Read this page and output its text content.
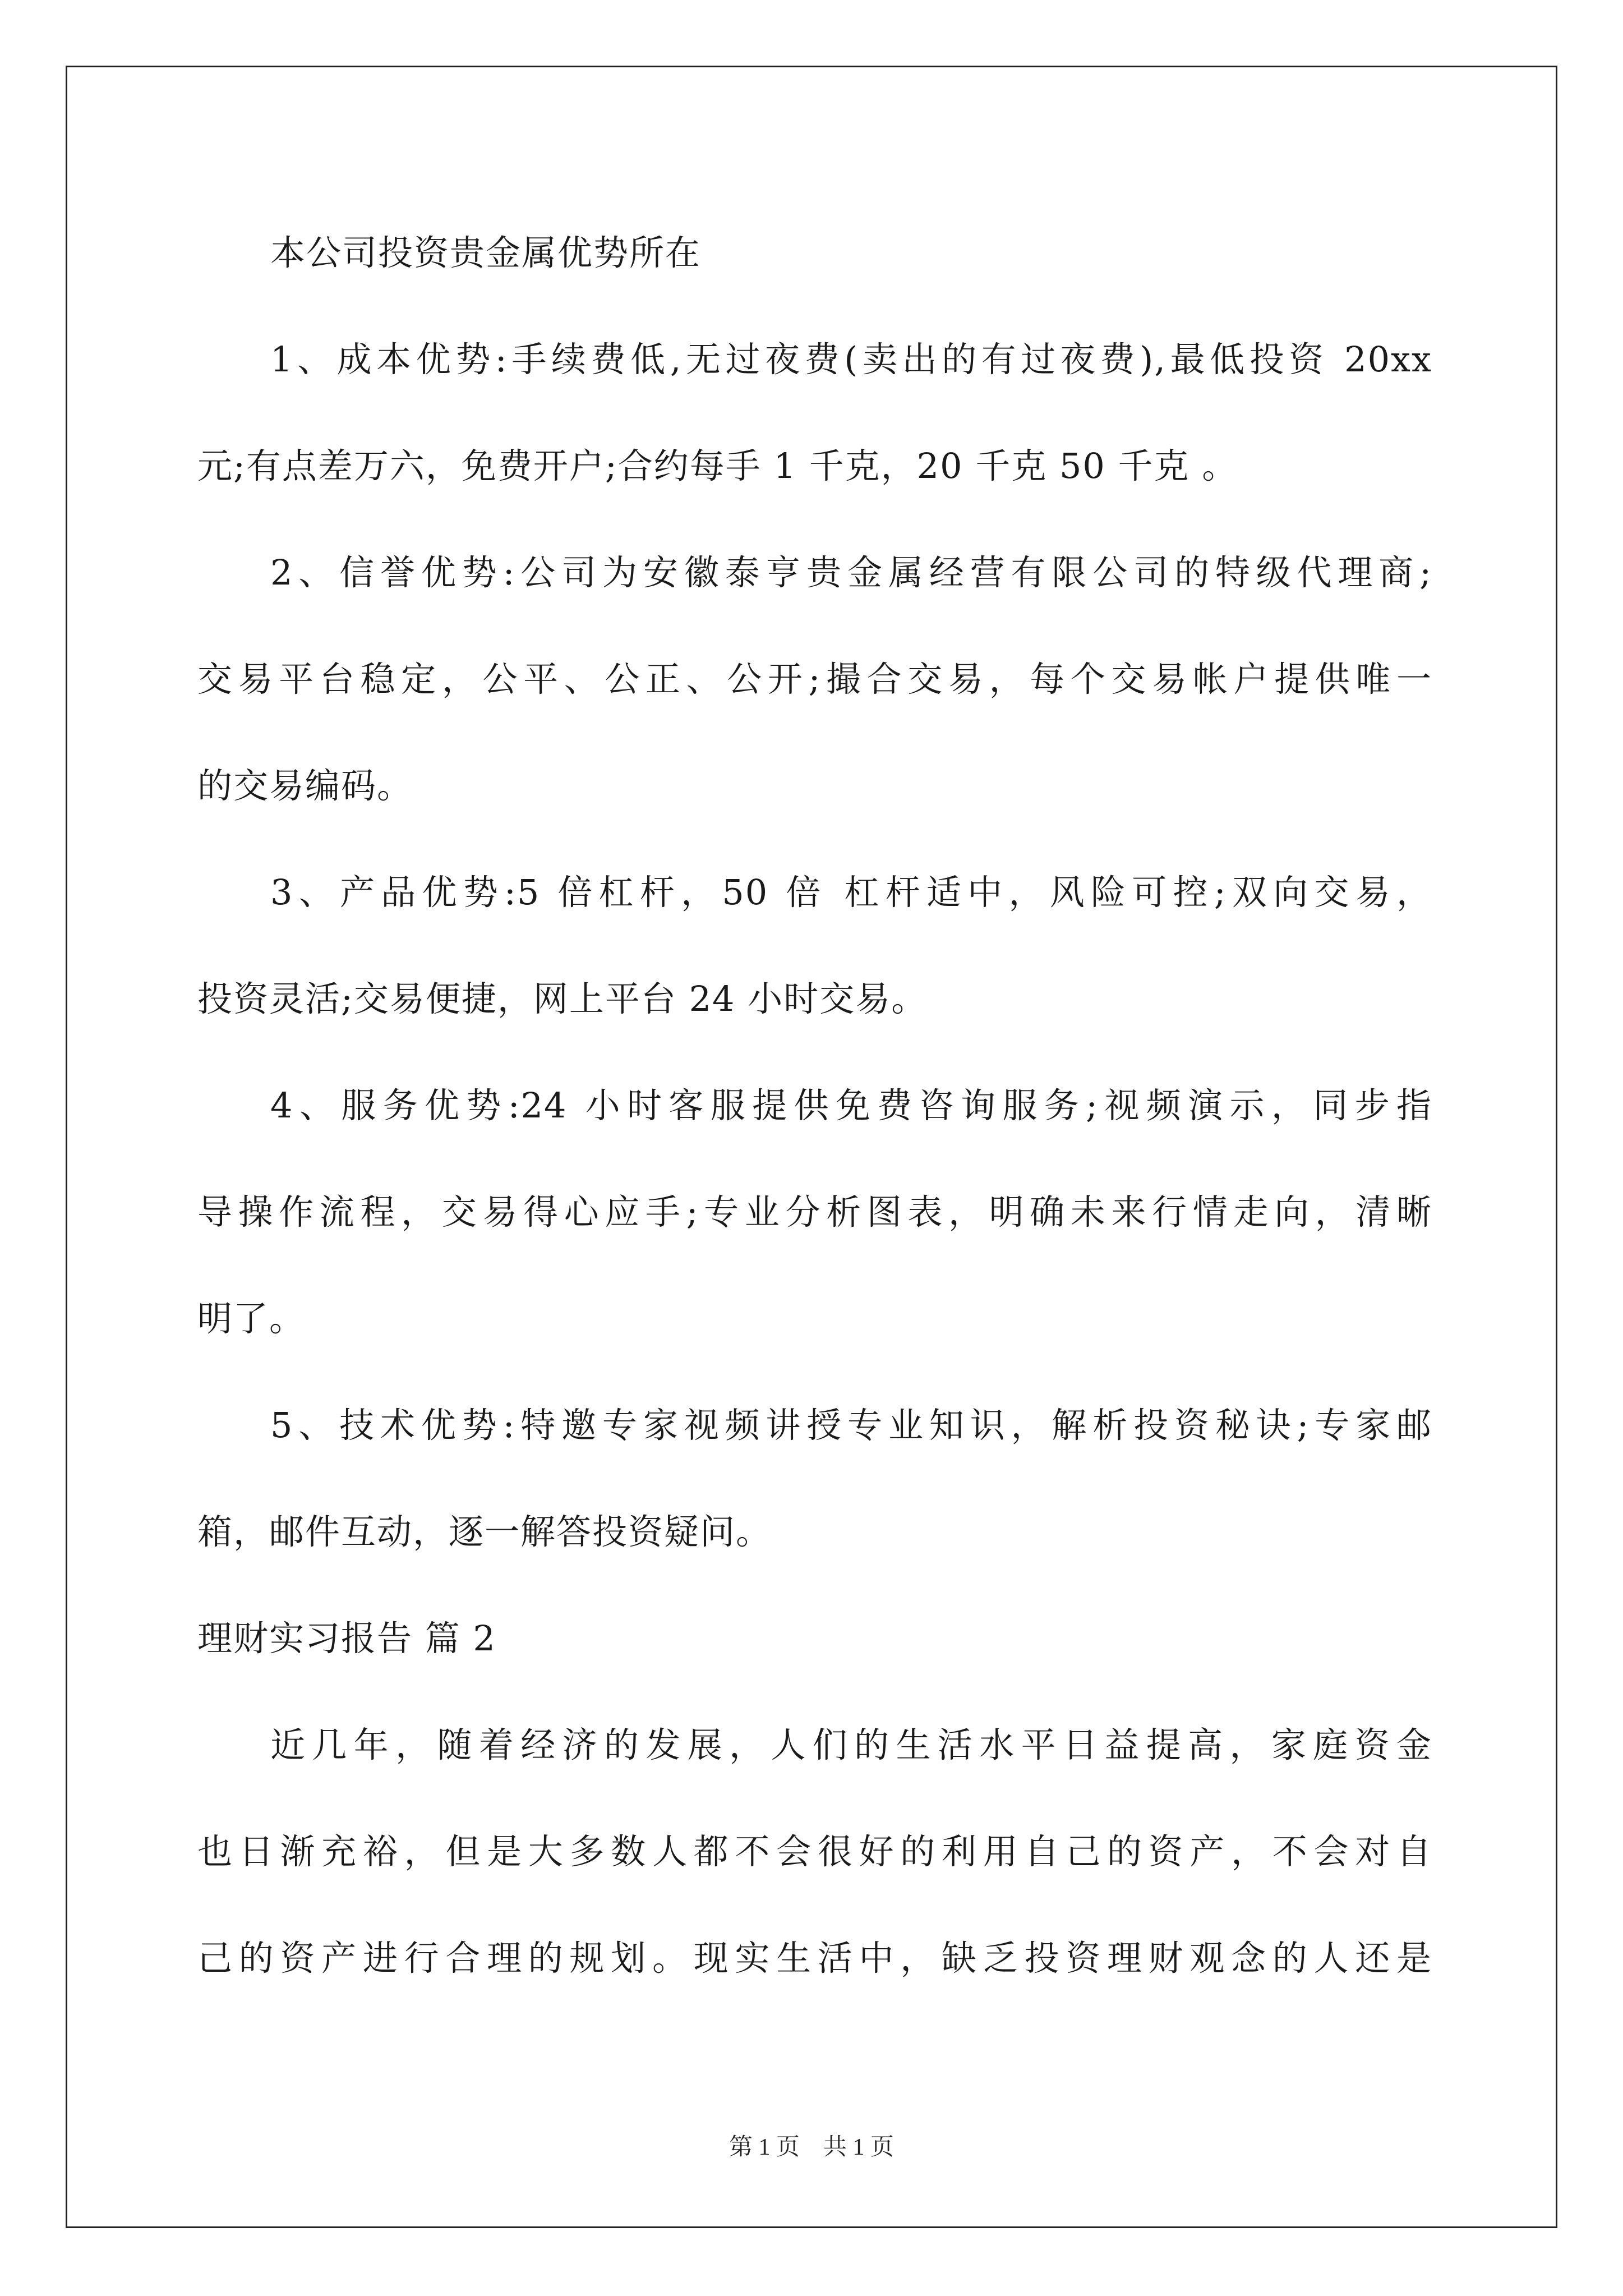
本公司投资贵金属优势所在
1、成本优势:手续费低,无过夜费(卖出的有过夜费),最低投资 20xx
元;有点差万六，免费开户;合约每手 1 千克，20 千克 50 千克 。
2、信誉优势:公司为安徽泰亨贵金属经营有限公司的特级代理商;
交易平台稳定，公平、公正、公开;撮合交易，每个交易帐户提供唯一
的交易编码。
3、产品优势:5 倍杠杆，50 倍 杠杆适中，风险可控;双向交易，
投资灵活;交易便捷，网上平台 24 小时交易。
4、服务优势:24 小时客服提供免费咨询服务;视频演示，同步指
导操作流程，交易得心应手;专业分析图表，明确未来行情走向，清晰
明了。
5、技术优势:特邀专家视频讲授专业知识，解析投资秘诀;专家邮
箱，邮件互动，逐一解答投资疑问。
理财实习报告 篇 2
近几年，随着经济的发展，人们的生活水平日益提高，家庭资金
也日渐充裕，但是大多数人都不会很好的利用自己的资产，不会对自
己的资产进行合理的规划。现实生活中，缺乏投资理财观念的人还是
第 1 页    共 1 页
